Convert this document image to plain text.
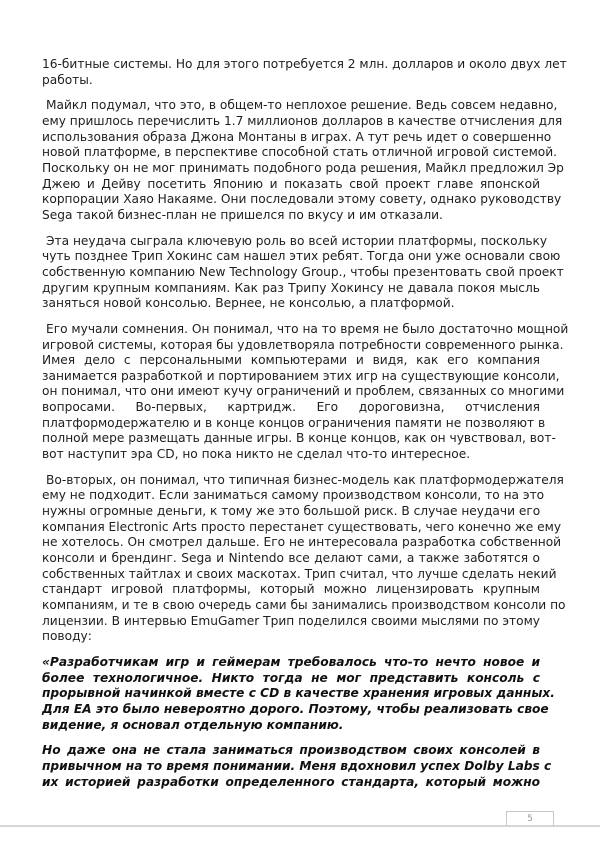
16-битные системы. Но для этого потребуется 2 млн. долларов и около двух лет
работы.
Майкл подумал, что это, в общем-то неплохое решение. Ведь совсем недавно,
ему пришлось перечислить 1.7 миллионов долларов в качестве отчисления для
использования образа Джона Монтаны в играх. А тут речь идет о совершенно
новой платформе, в перспективе способной стать отличной игровой системой.
Поскольку он не мог принимать подобного рода решения, Майкл предложил Эр
Джею и Дейву посетить Японию и показать свой проект главе японской
корпорации Хаяо Накаяме. Они последовали этому совету, однако руководству
Sega такой бизнес-план не пришелся по вкусу и им отказали.
Эта неудача сыграла ключевую роль во всей истории платформы, поскольку
чуть позднее Трип Хокинс сам нашел этих ребят. Тогда они уже основали свою
собственную компанию New Technology Group., чтобы презентовать свой проект
другим крупным компаниям. Как раз Трипу Хокинсу не давала покоя мысль
заняться новой консолью. Вернее, не консолью, а платформой.
Его мучали сомнения. Он понимал, что на то время не было достаточно мощной
игровой системы, которая бы удовлетворяла потребности современного рынка.
Имея дело с персональными компьютерами и видя, как его компания
занимается разработкой и портированием этих игр на существующие консоли,
он понимал, что они имеют кучу ограничений и проблем, связанных со многими
вопросами. Во-первых, картридж. Его дороговизна, отчисления
платформодержателю и в конце концов ограничения памяти не позволяют в
полной мере размещать данные игры. В конце концов, как он чувствовал, вот-
вот наступит эра CD, но пока никто не сделал что-то интересное.
Во-вторых, он понимал, что типичная бизнес-модель как платформодержателя
ему не подходит. Если заниматься самому производством консоли, то на это
нужны огромные деньги, к тому же это большой риск. В случае неудачи его
компания Electronic Arts просто перестанет существовать, чего конечно же ему
не хотелось. Он смотрел дальше. Его не интересовала разработка собственной
консоли и брендинг. Sega и Nintendo все делают сами, а также заботятся о
собственных тайтлах и своих маскотах. Трип считал, что лучше сделать некий
стандарт игровой платформы, который можно лицензировать крупным
компаниям, и те в свою очередь сами бы занимались производством консоли по
лицензии. В интервью EmuGamer Трип поделился своими мыслями по этому
поводу:
«Разработчикам игр и геймерам требовалось что-то нечто новое и
более технологичное. Никто тогда не мог представить консоль с
прорывной начинкой вместе с CD в качестве хранения игровых данных.
Для EA это было невероятно дорого. Поэтому, чтобы реализовать свое
видение, я основал отдельную компанию.
Но даже она не стала заниматься производством своих консолей в
привычном на то время понимании. Меня вдохновил успех Dolby Labs с
их историей разработки определенного стандарта, который можно
5
